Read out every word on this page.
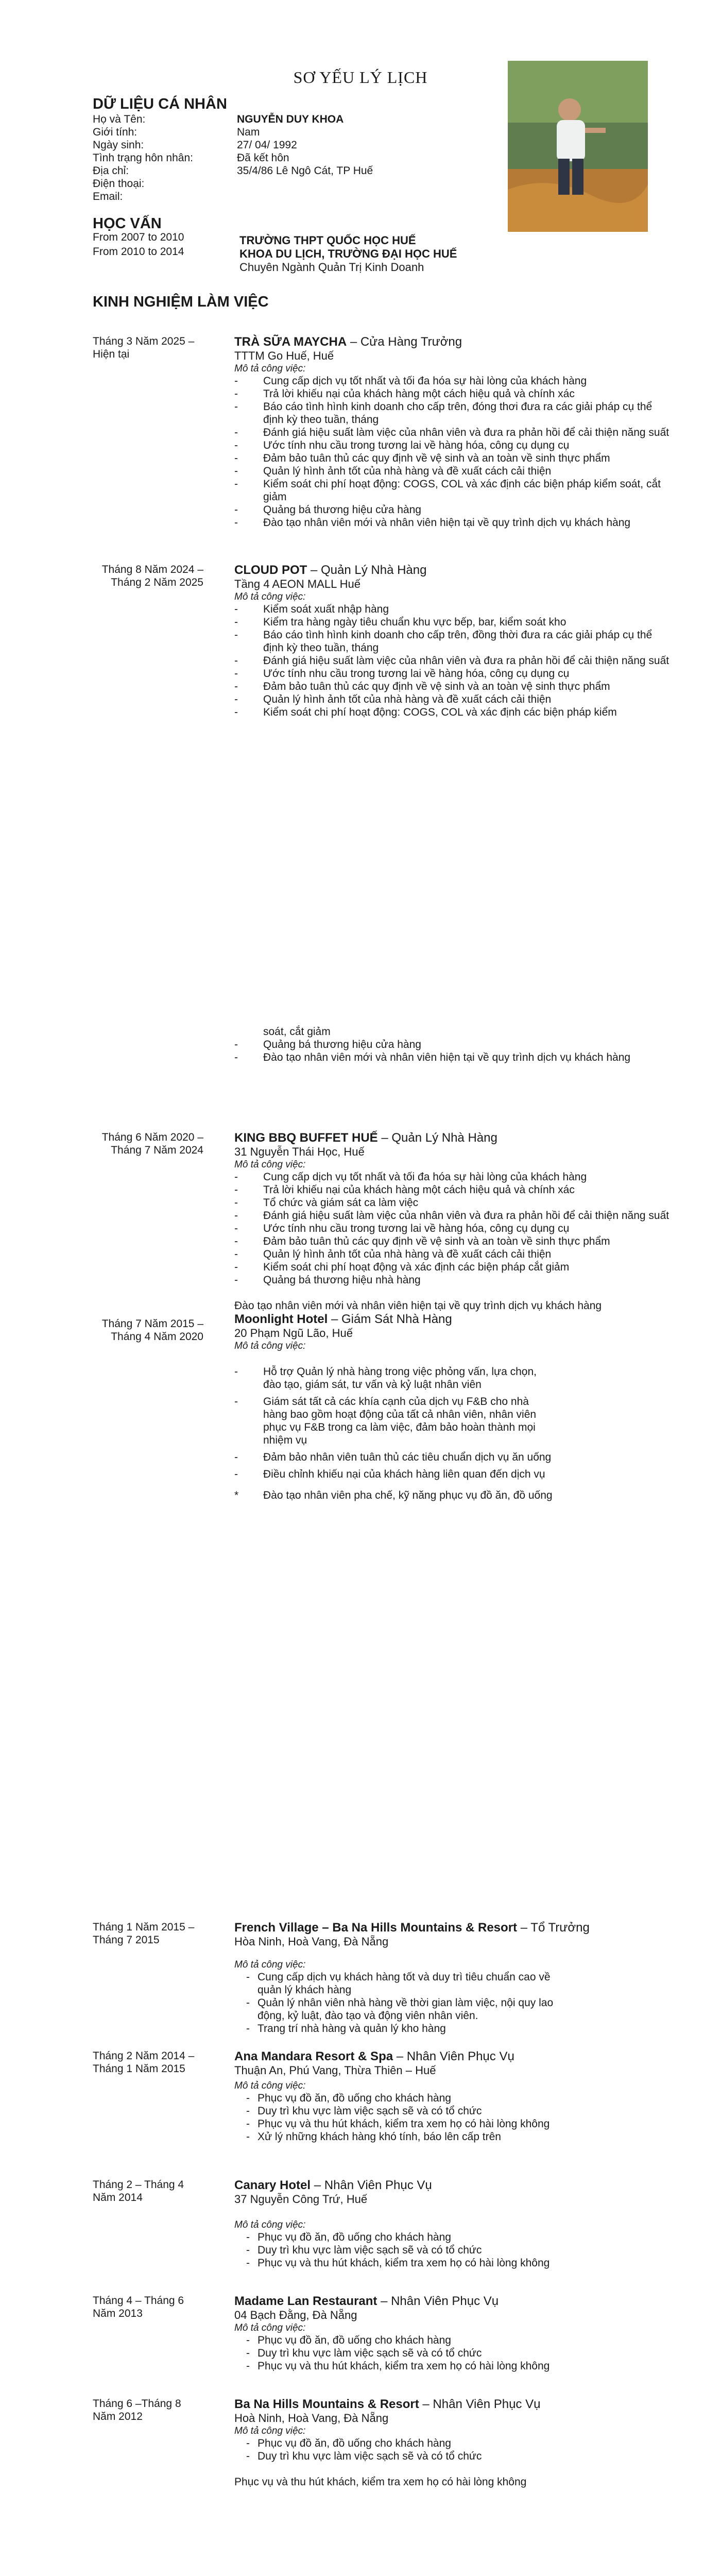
SƠ YẾU LÝ LỊCH
DỮ LIỆU CÁ NHÂN
Họ và Tên:	NGUYỄN DUY KHOA
Giới tính:	Nam
Ngày sinh:	27/ 04/ 1992
Tình trạng hôn nhân:	Đã kết hôn
Địa chỉ:	35/4/86 Lê Ngô Cát, TP Huế
Điện thoại:
Email:
HỌC VẤN
From 2007 to 2010	TRƯỜNG THPT QUỐC HỌC HUẾ
From 2010 to 2014	KHOA DU LỊCH, TRƯỜNG ĐẠI HỌC HUẾ
Chuyên Ngành Quản Trị Kinh Doanh
KINH NGHIỆM LÀM VIỆC
Tháng 3 Năm 2025 –
Hiện tại
TRÀ SỮA MAYCHA – Cửa Hàng Trưởng
TTTM Go Huế, Huế
Mô tả công việc:
- Cung cấp dịch vụ tốt nhất và tối đa hóa sự hài lòng của khách hàng
- Trả lời khiếu nại của khách hàng một cách hiệu quả và chính xác
- Báo cáo tình hình kinh doanh cho cấp trên, đóng thơi đưa ra các giải pháp cụ thể định kỳ theo tuần, tháng
- Đánh giá hiệu suất làm việc của nhân viên và đưa ra phản hồi để cải thiện năng suất
- Ước tính nhu cầu trong tương lai về hàng hóa, công cụ dụng cụ
- Đảm bảo tuân thủ các quy định về vệ sinh và an toàn về sinh thực phẩm
- Quản lý hình ảnh tốt của nhà hàng và đề xuất cách cải thiện
- Kiểm soát chi phí hoạt động: COGS, COL và xác định các biện pháp kiểm soát, cắt giảm
- Quảng bá thương hiệu cửa hàng
- Đào tạo nhân viên mới và nhân viên hiện tại về quy trình dịch vụ khách hàng
Tháng 8 Năm 2024 –
Tháng 2 Năm 2025
CLOUD POT – Quản Lý Nhà Hàng
Tầng 4 AEON MALL Huế
Mô tả công việc:
- Kiểm soát xuất nhập hàng
- Kiểm tra hàng ngày tiêu chuẩn khu vực bếp, bar, kiểm soát kho
- Báo cáo tình hình kinh doanh cho cấp trên, đồng thời đưa ra các giải pháp cụ thể định kỳ theo tuần, tháng
- Đánh giá hiệu suất làm việc của nhân viên và đưa ra phản hồi để cải thiện năng suất
- Ước tính nhu cầu trong tương lai về hàng hóa, công cụ dụng cụ
- Đảm bảo tuân thủ các quy định về vệ sinh và an toàn vệ sinh thực phẩm
- Quản lý hình ảnh tốt của nhà hàng và đề xuất cách cải thiện
- Kiểm soát chi phí hoạt động: COGS, COL và xác định các biện pháp kiểm
soát, cắt giảm
- Quảng bá thương hiệu cửa hàng
- Đào tạo nhân viên mới và nhân viên hiện tại về quy trình dịch vụ khách hàng
Tháng 6 Năm 2020 –
Tháng 7 Năm 2024
KING BBQ BUFFET HUẾ – Quản Lý Nhà Hàng
31 Nguyễn Thái Học, Huế
Mô tả công việc:
- Cung cấp dịch vụ tốt nhất và tối đa hóa sự hài lòng của khách hàng
- Trả lời khiếu nại của khách hàng một cách hiệu quả và chính xác
- Tổ chức và giám sát ca làm việc
- Đánh giá hiệu suất làm việc của nhân viên và đưa ra phản hồi để cải thiện năng suất
- Ước tính nhu cầu trong tương lai về hàng hóa, công cụ dụng cụ
- Đảm bảo tuân thủ các quy định về vệ sinh và an toàn về sinh thực phẩm
- Quản lý hình ảnh tốt của nhà hàng và đề xuất cách cải thiện
- Kiểm soát chi phí hoạt động và xác định các biện pháp cắt giảm
- Quảng bá thương hiệu nhà hàng
Đào tạo nhân viên mới và nhân viên hiện tại về quy trình dịch vụ khách hàng
Tháng 7 Năm 2015 –
Tháng 4 Năm 2020
Moonlight Hotel – Giám Sát Nhà Hàng
20 Phạm Ngũ Lão, Huế
Mô tả công việc:
- Hỗ trợ Quản lý nhà hàng trong việc phỏng vấn, lựa chọn, đào tạo, giám sát, tư vấn và kỷ luật nhân viên
- Giám sát tất cả các khía cạnh của dịch vụ F&B cho nhà hàng bao gồm hoạt động của tất cả nhân viên, nhân viên phục vụ F&B trong ca làm việc, đảm bảo hoàn thành mọi nhiệm vụ
- Đảm bảo nhân viên tuân thủ các tiêu chuẩn dịch vụ ăn uống
- Điều chỉnh khiếu nại của khách hàng liên quan đến dịch vụ
* Đào tạo nhân viên pha chế, kỹ năng phục vụ đồ ăn, đồ uống
Tháng 1 Năm 2015 –
Tháng 7 2015
French Village – Ba Na Hills Mountains & Resort – Tổ Trưởng
Hòa Ninh, Hoà Vang, Đà Nẵng
Mô tả công việc:
- Cung cấp dịch vụ khách hàng tốt và duy trì tiêu chuẩn cao về quản lý khách hàng
- Quản lý nhân viên nhà hàng về thời gian làm việc, nội quy lao động, kỷ luật, đào tạo và động viên nhân viên.
- Trang trí nhà hàng và quản lý kho hàng
Tháng 2 Năm 2014 –
Tháng 1 Năm 2015
Ana Mandara Resort & Spa – Nhân Viên Phục Vụ
Thuận An, Phú Vang, Thừa Thiên – Huế
Mô tả công việc:
- Phục vụ đồ ăn, đồ uống cho khách hàng
- Duy trì khu vực làm việc sạch sẽ và có tổ chức
- Phục vụ và thu hút khách, kiểm tra xem họ có hài lòng không
- Xử lý những khách hàng khó tính, báo lên cấp trên
Tháng 2 – Tháng 4
Năm 2014
Canary Hotel – Nhân Viên Phục Vụ
37 Nguyễn Công Trứ, Huế
Mô tả công việc:
- Phục vụ đồ ăn, đồ uống cho khách hàng
- Duy trì khu vực làm việc sạch sẽ và có tổ chức
- Phục vụ và thu hút khách, kiểm tra xem họ có hài lòng không
Tháng 4 – Tháng 6
Năm 2013
Madame Lan Restaurant – Nhân Viên Phục Vụ
04 Bạch Đằng, Đà Nẵng
Mô tả công việc:
- Phục vụ đồ ăn, đồ uống cho khách hàng
- Duy trì khu vực làm việc sạch sẽ và có tổ chức
- Phục vụ và thu hút khách, kiểm tra xem họ có hài lòng không
Tháng 6 –Tháng 8
Năm 2012
Ba Na Hills Mountains & Resort – Nhân Viên Phục Vụ
Hoà Ninh, Hoà Vang, Đà Nẵng
Mô tả công việc:
- Phục vụ đồ ăn, đồ uống cho khách hàng
- Duy trì khu vực làm việc sạch sẽ và có tổ chức
Phục vụ và thu hút khách, kiểm tra xem họ có hài lòng không
